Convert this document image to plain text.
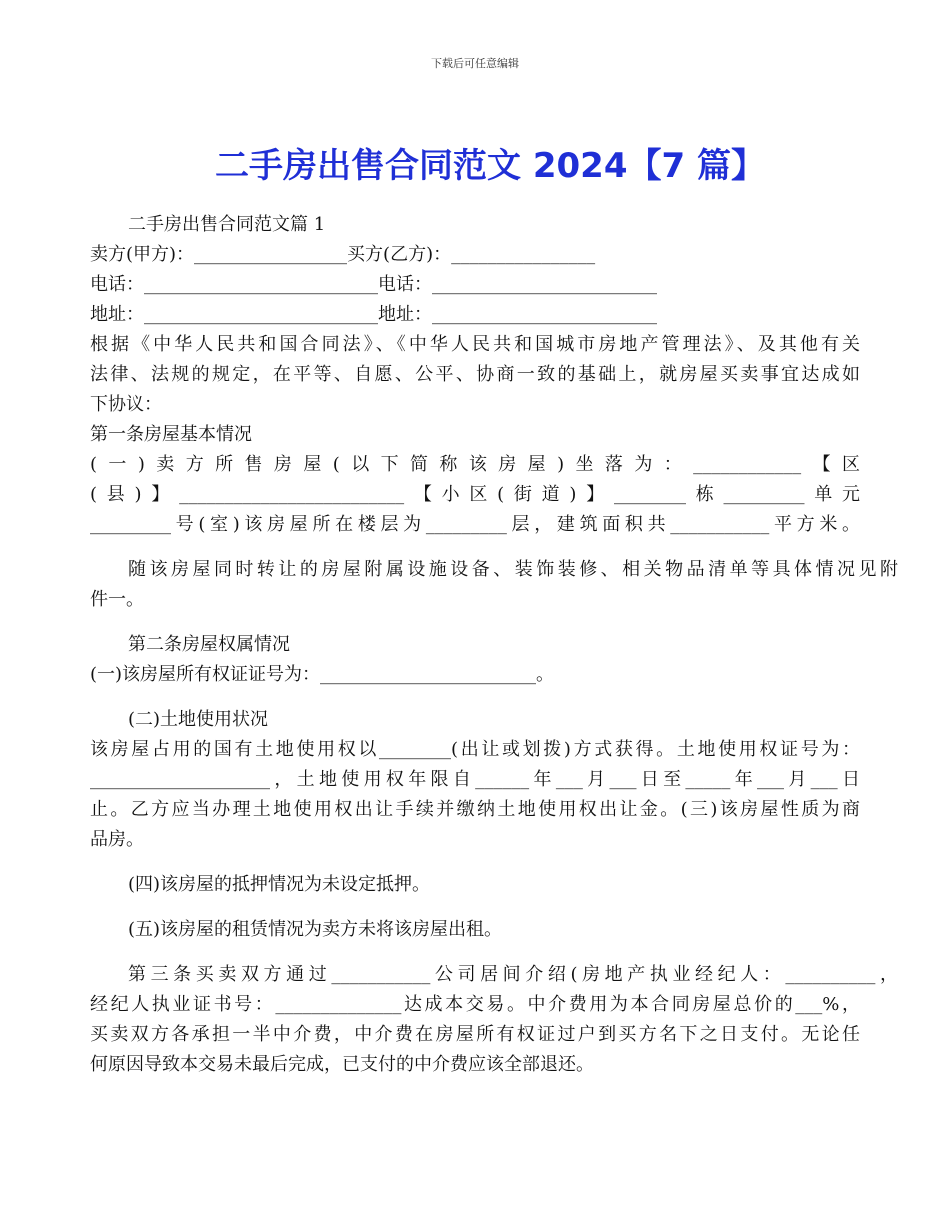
下载后可任意编辑
二手房出售合同范文 2024【7 篇】
二手房出售合同范文篇 1
卖方(甲方)：_________________买方(乙方)：________________
电话：__________________________电话：_________________________
地址：__________________________地址：_________________________
根据《中华人民共和国合同法》、《中华人民共和国城市房地产管理法》、及其他有关
法律、法规的规定，在平等、自愿、公平、协商一致的基础上，就房屋买卖事宜达成如
下协议：
第一条房屋基本情况
(一)卖方所售房屋(以下简称该房屋)坐落为：____________【区
(县)】_________________________【小区(街道)】________栋_________单元
_________号(室)该房屋所在楼层为_________层，建筑面积共___________平方米。
随该房屋同时转让的房屋附属设施设备、装饰装修、相关物品清单等具体情况见附
件一。
第二条房屋权属情况
(一)该房屋所有权证证号为：________________________。
(二)土地使用状况
该房屋占用的国有土地使用权以________(出让或划拨)方式获得。土地使用权证号为：
____________________，土地使用权年限自______年___月___日至_____年___月___日
止。乙方应当办理土地使用权出让手续并缴纳土地使用权出让金。(三)该房屋性质为商
品房。
(四)该房屋的抵押情况为未设定抵押。
(五)该房屋的租赁情况为卖方未将该房屋出租。
第三条买卖双方通过___________公司居间介绍(房地产执业经纪人：__________，
经纪人执业证书号：______________达成本交易。中介费用为本合同房屋总价的___%，
买卖双方各承担一半中介费，中介费在房屋所有权证过户到买方名下之日支付。无论任
何原因导致本交易未最后完成，已支付的中介费应该全部退还。
